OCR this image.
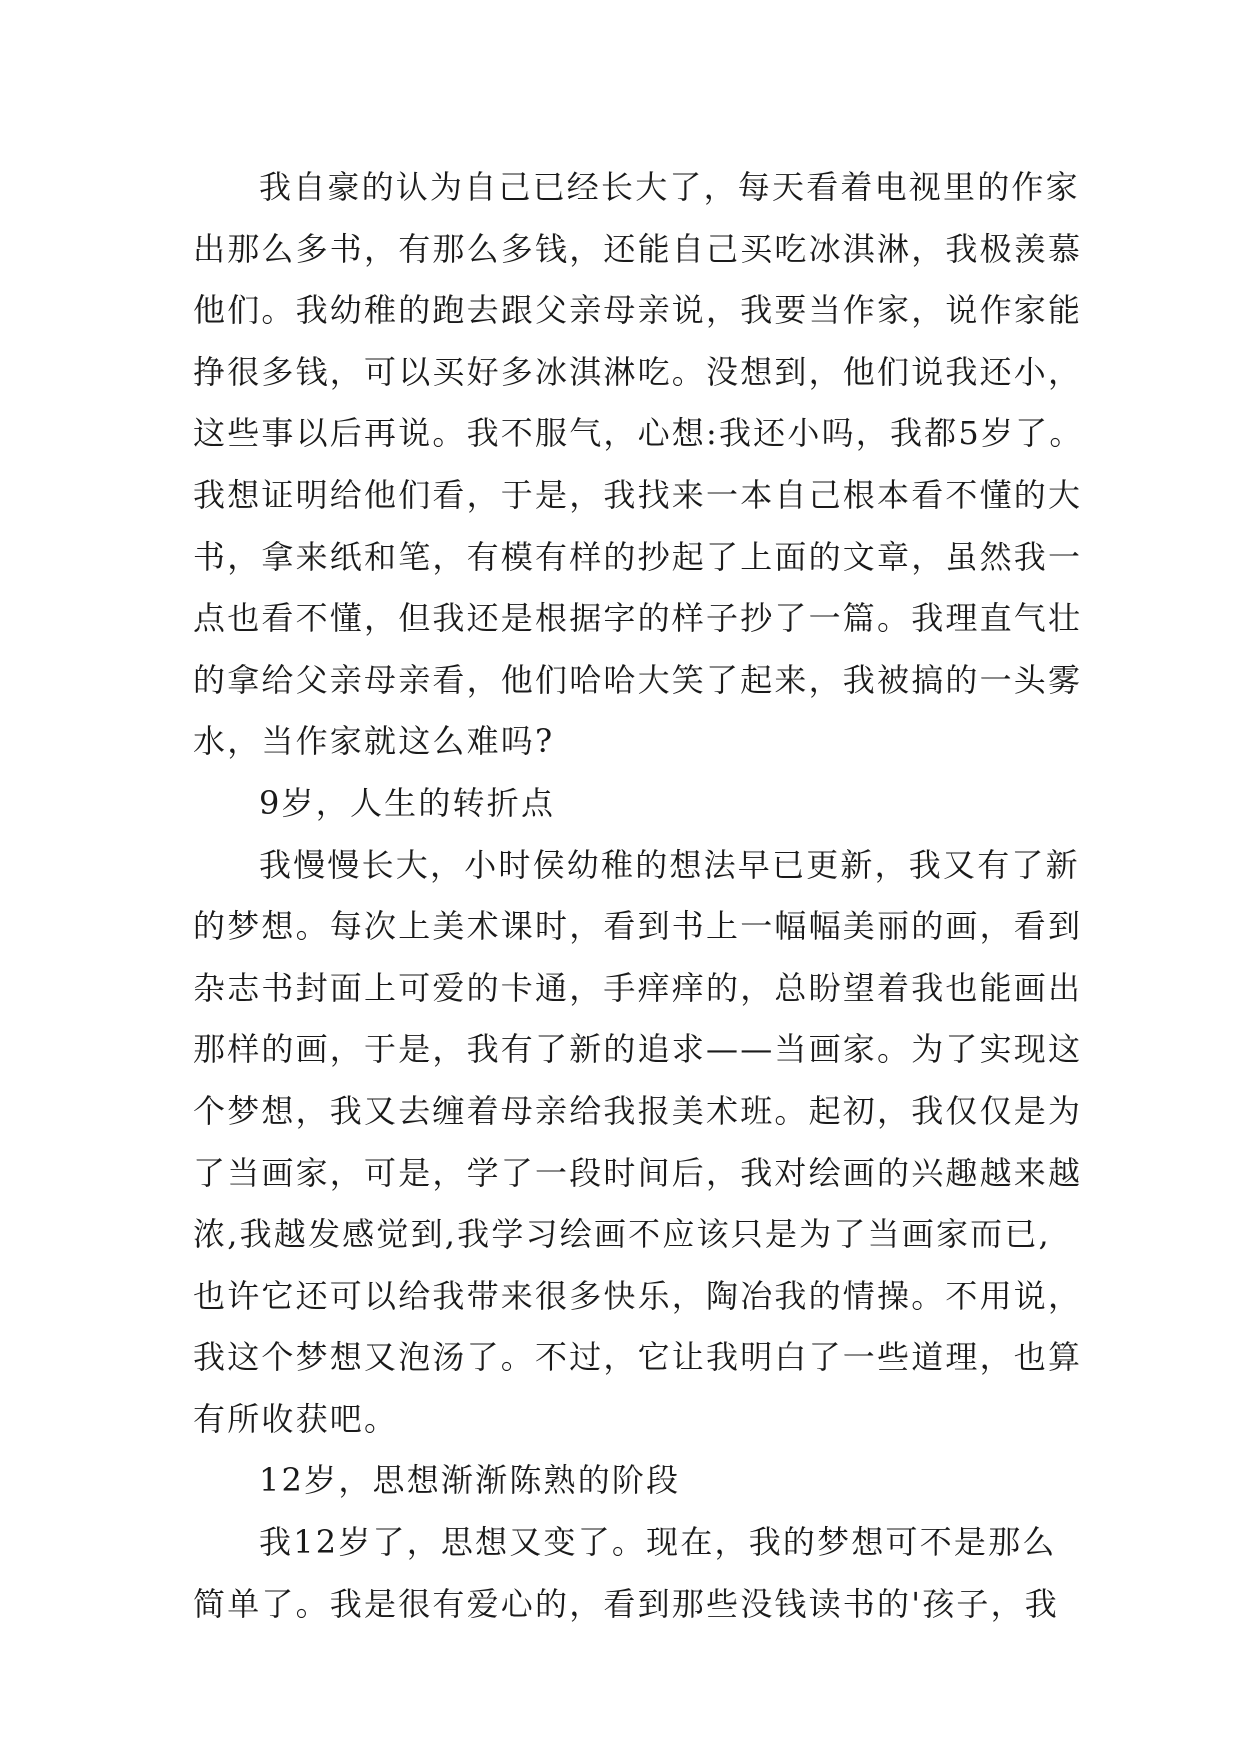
我自豪的认为自己已经长大了，每天看着电视里的作家
出那么多书，有那么多钱，还能自己买吃冰淇淋，我极羡慕
他们。我幼稚的跑去跟父亲母亲说，我要当作家，说作家能
挣很多钱，可以买好多冰淇淋吃。没想到，他们说我还小，
这些事以后再说。我不服气，心想:我还小吗，我都5岁了。
我想证明给他们看，于是，我找来一本自己根本看不懂的大
书，拿来纸和笔，有模有样的抄起了上面的文章，虽然我一
点也看不懂，但我还是根据字的样子抄了一篇。我理直气壮
的拿给父亲母亲看，他们哈哈大笑了起来，我被搞的一头雾
水，当作家就这么难吗?
9岁，人生的转折点
我慢慢长大，小时侯幼稚的想法早已更新，我又有了新
的梦想。每次上美术课时，看到书上一幅幅美丽的画，看到
杂志书封面上可爱的卡通，手痒痒的，总盼望着我也能画出
那样的画，于是，我有了新的追求——当画家。为了实现这
个梦想，我又去缠着母亲给我报美术班。起初，我仅仅是为
了当画家，可是，学了一段时间后，我对绘画的兴趣越来越
浓,我越发感觉到,我学习绘画不应该只是为了当画家而已,
也许它还可以给我带来很多快乐，陶冶我的情操。不用说，
我这个梦想又泡汤了。不过，它让我明白了一些道理，也算
有所收获吧。
12岁，思想渐渐陈熟的阶段
我12岁了，思想又变了。现在，我的梦想可不是那么
简单了。我是很有爱心的，看到那些没钱读书的'孩子，我
